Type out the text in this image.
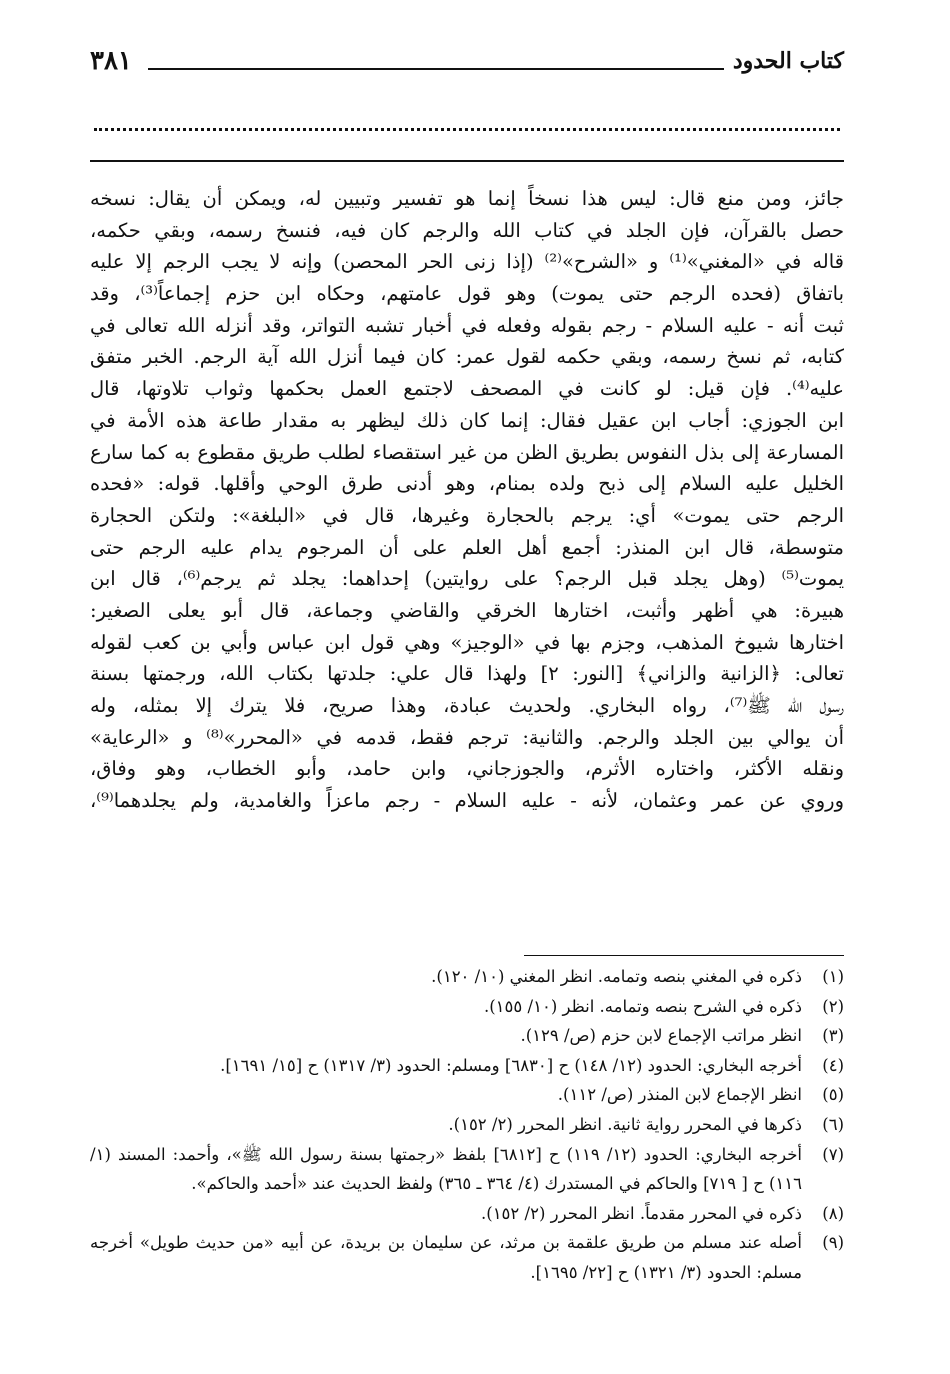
كتاب الحدود
٣٨١
جائز، ومن منع قال: ليس هذا نسخاً إنما هو تفسير وتبيين له، ويمكن أن يقال: نسخه
حصل بالقرآن، فإن الجلد في كتاب الله والرجم كان فيه، فنسخ رسمه، وبقي حكمه،
قاله في «المغني»⁽¹⁾ و «الشرح»⁽²⁾ (إذا زنى الحر المحصن) وإنه لا يجب الرجم إلا عليه
باتفاق (فحده الرجم حتى يموت) وهو قول عامتهم، وحكاه ابن حزم إجماعاً⁽³⁾، وقد
ثبت أنه - عليه السلام - رجم بقوله وفعله في أخبار تشبه التواتر، وقد أنزله الله تعالى في
كتابه، ثم نسخ رسمه، وبقي حكمه لقول عمر: كان فيما أنزل الله آية الرجم. الخبر متفق
عليه⁽⁴⁾. فإن قيل: لو كانت في المصحف لاجتمع العمل بحكمها وثواب تلاوتها، قال
ابن الجوزي: أجاب ابن عقيل فقال: إنما كان ذلك ليظهر به مقدار طاعة هذه الأمة في
المسارعة إلى بذل النفوس بطريق الظن من غير استقصاء لطلب طريق مقطوع به كما سارع
الخليل عليه السلام إلى ذبح ولده بمنام، وهو أدنى طرق الوحي وأقلها. قوله: «فحده
الرجم حتى يموت» أي: يرجم بالحجارة وغيرها، قال في «البلغة»: ولتكن الحجارة
متوسطة، قال ابن المنذر: أجمع أهل العلم على أن المرجوم يدام عليه الرجم حتى
يموت⁽⁵⁾ (وهل يجلد قبل الرجم؟ على روايتين) إحداهما: يجلد ثم يرجم⁽⁶⁾، قال ابن
هبيرة: هي أظهر وأثبت، اختارها الخرقي والقاضي وجماعة، قال أبو يعلى الصغير:
اختارها شيوخ المذهب، وجزم بها في «الوجيز» وهي قول ابن عباس وأبي بن كعب لقوله
تعالى: ﴿الزانية والزاني﴾ [النور: ٢] ولهذا قال علي: جلدتها بكتاب الله، ورجمتها بسنة
رسول الله ﷺ⁽⁷⁾، رواه البخاري. ولحديث عبادة، وهذا صريح، فلا يترك إلا بمثله، وله
أن يوالي بين الجلد والرجم. والثانية: ترجم فقط، قدمه في «المحرر»⁽⁸⁾ و «الرعاية»
ونقله الأكثر، واختاره الأثرم، والجوزجاني، وابن حامد، وأبو الخطاب، وهو وفاق،
وروي عن عمر وعثمان، لأنه - عليه السلام - رجم ماعزاً والغامدية، ولم يجلدهما⁽⁹⁾،
(١)
ذكره في المغني بنصه وتمامه. انظر المغني (١٠/ ١٢٠).
(٢)
ذكره في الشرح بنصه وتمامه. انظر (١٠/ ١٥٥).
(٣)
انظر مراتب الإجماع لابن حزم (ص/ ١٢٩).
(٤)
أخرجه البخاري: الحدود (١٢/ ١٤٨) ح [٦٨٣٠] ومسلم: الحدود (٣/ ١٣١٧) ح [١٥/ ١٦٩١].
(٥)
انظر الإجماع لابن المنذر (ص/ ١١٢).
(٦)
ذكرها في المحرر رواية ثانية. انظر المحرر (٢/ ١٥٢).
(٧)
أخرجه البخاري: الحدود (١٢/ ١١٩) ح [٦٨١٢] بلفظ «رجمتها بسنة رسول الله ﷺ»، وأحمد: المسند (١/
١١٦) ح [ ٧١٩] والحاكم في المستدرك (٤/ ٣٦٤ ـ ٣٦٥) ولفظ الحديث عند «أحمد والحاكم».
(٨)
ذكره في المحرر مقدماً. انظر المحرر (٢/ ١٥٢).
(٩)
أصله عند مسلم من طريق علقمة بن مرثد، عن سليمان بن بريدة، عن أبيه «من حديث طويل» أخرجه
مسلم: الحدود (٣/ ١٣٢١) ح [٢٢/ ١٦٩٥].
